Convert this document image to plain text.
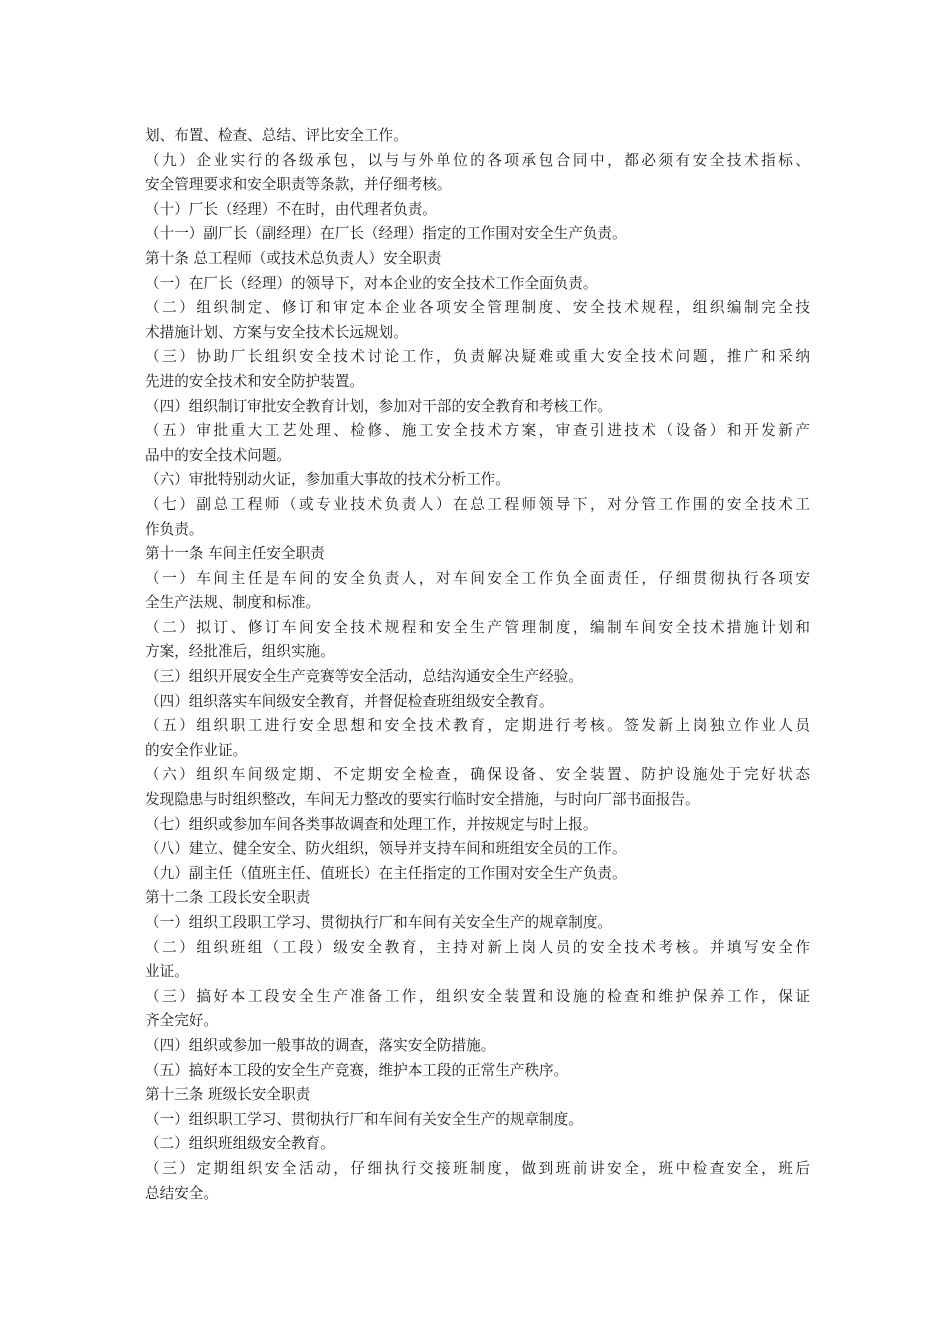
划、布置、检查、总结、评比安全工作。
（九）企业实行的各级承包，以与与外单位的各项承包合同中，都必须有安全技术指标、
安全管理要求和安全职责等条款，并仔细考核。
（十）厂长（经理）不在时，由代理者负责。
（十一）副厂长（副经理）在厂长（经理）指定的工作围对安全生产负责。
第十条 总工程师（或技术总负责人）安全职责
（一）在厂长（经理）的领导下，对本企业的安全技术工作全面负责。
（二）组织制定、修订和审定本企业各项安全管理制度、安全技术规程，组织编制完全技
术措施计划、方案与安全技术长远规划。
（三）协助厂长组织安全技术讨论工作，负责解决疑难或重大安全技术问题，推广和采纳
先进的安全技术和安全防护装置。
（四）组织制订审批安全教育计划，参加对干部的安全教育和考核工作。
（五）审批重大工艺处理、检修、施工安全技术方案，审查引进技术（设备）和开发新产
品中的安全技术问题。
（六）审批特别动火证，参加重大事故的技术分析工作。
（七）副总工程师（或专业技术负责人）在总工程师领导下，对分管工作围的安全技术工
作负责。
第十一条 车间主任安全职责
（一）车间主任是车间的安全负责人，对车间安全工作负全面责任，仔细贯彻执行各项安
全生产法规、制度和标准。
（二）拟订、修订车间安全技术规程和安全生产管理制度，编制车间安全技术措施计划和
方案，经批准后，组织实施。
（三）组织开展安全生产竞赛等安全活动，总结沟通安全生产经验。
（四）组织落实车间级安全教育，并督促检查班组级安全教育。
（五）组织职工进行安全思想和安全技术教育，定期进行考核。签发新上岗独立作业人员
的安全作业证。
（六）组织车间级定期、不定期安全检查，确保设备、安全装置、防护设施处于完好状态
发现隐患与时组织整改，车间无力整改的要实行临时安全措施，与时向厂部书面报告。
（七）组织或参加车间各类事故调查和处理工作，并按规定与时上报。
（八）建立、健全安全、防火组织，领导并支持车间和班组安全员的工作。
（九）副主任（值班主任、值班长）在主任指定的工作围对安全生产负责。
第十二条 工段长安全职责
（一）组织工段职工学习、贯彻执行厂和车间有关安全生产的规章制度。
（二）组织班组（工段）级安全教育，主持对新上岗人员的安全技术考核。并填写安全作
业证。
（三）搞好本工段安全生产准备工作，组织安全装置和设施的检查和维护保养工作，保证
齐全完好。
（四）组织或参加一般事故的调查，落实安全防措施。
（五）搞好本工段的安全生产竞赛，维护本工段的正常生产秩序。
第十三条 班级长安全职责
（一）组织职工学习、贯彻执行厂和车间有关安全生产的规章制度。
（二）组织班组级安全教育。
（三）定期组织安全活动，仔细执行交接班制度，做到班前讲安全，班中检查安全，班后
总结安全。
